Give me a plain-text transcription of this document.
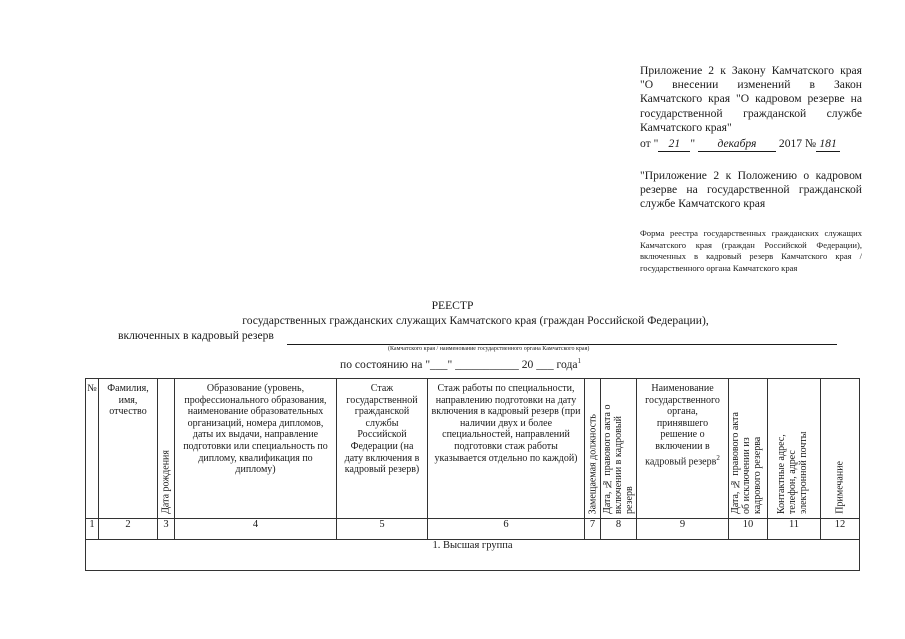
Приложение 2 к Закону Камчатского края "О внесении изменений в Закон Камчатского края "О кадровом резерве на государственной гражданской службе Камчатского края"
от " 21 " декабря 2017 № 181
"Приложение 2 к Положению о кадровом резерве на государственной гражданской службе Камчатского края
Форма реестра государственных гражданских служащих Камчатского края (граждан Российской Федерации), включенных в кадровый резерв Камчатского края / государственного органа Камчатского края
РЕЕСТР
государственных гражданских служащих Камчатского края (граждан Российской Федерации),
включенных в кадровый резерв
(Камчатского края / наименование государственного органа Камчатского края)
по состоянию на "___" ___________ 20 ___ года$^1$
№	Фамилия, имя, отчество	Дата рождения	Образование (уровень, профессионального образования, наименование образовательных организаций, номера дипломов, даты их выдачи, направление подготовки или специальность по диплому, квалификация по диплому)	Стаж государственной гражданской службы Российской Федерации (на дату включения в кадровый резерв)	Стаж работы по специальности, направлению подготовки на дату включения в кадровый резерв (при наличии двух и более специальностей, направлений подготовки стаж работы указывается отдельно по каждой)	Замещаемая должность	Дата, № правового акта о включении в кадровый резерв	Наименование государственного органа, принявшего решение о включении в кадровый резерв$^2$	Дата, № правового акта об исключении из кадрового резерва	Контактные адрес, телефон, адрес электронной почты	Примечание

1	2	3	4	5	6	7	8	9	10	11	12
1. Высшая группа											
